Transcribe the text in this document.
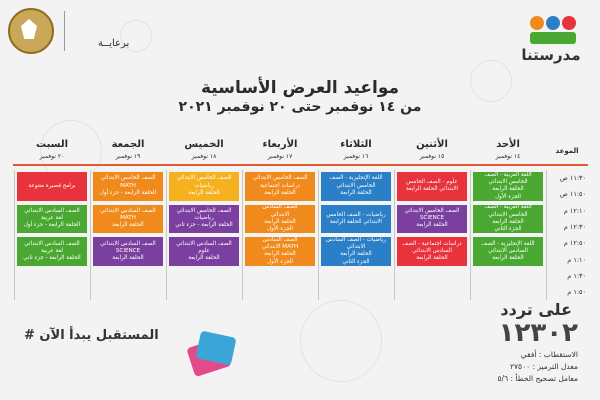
برعايــة
مدرستنا
مواعيد العرض الأساسية
من ١٤ نوفمبر حتى ٢٠ نوفمبر ٢٠٢١
الموعد
الأحد
١٤ نوفمبر
الأثنين
١٥ نوفمبر
الثلاثاء
١٦ نوفمبر
الأربعاء
١٧ نوفمبر
الخميس
١٨ نوفمبر
الجمعة
١٩ نوفمبر
السبت
٢٠ نوفمبر
١١:٣٠ ص
١١:٥٠ ص
١٢:١٠ م
١٢:٣٠ م
١٢:٥٠ م
١:١٠ م
١:٣٠ م
١:٥٠ م
اللغة العربية - الصف
الخامس الابتدائي
الحلقة الرابعة
الجزء الأول
اللغة العربية - الصف
الخامس الابتدائي
الحلقة الرابعة
الجزء الثاني
اللغة الإنجليزية - الصف
السادس الابتدائي
الحلقة الرابعة
علوم - الصف الخامس
الابتدائي الحلقة الرابعة
الصف الخامس الابتدائي
SCIENCE
الحلقة الرابعة
دراسات اجتماعية - الصف
السادس الابتدائي
الحلقة الرابعة
اللغة الإنجليزية - الصف
الخامس الابتدائي
الحلقة الرابعة
رياضيات - الصف الخامس
الابتدائي الحلقة الرابعة
رياضيات - الصف السادس
الابتدائي
الحلقة الرابعة
الجزء الثاني
الصف الخامس الابتدائي
دراسات اجتماعية
الحلقة الرابعة
الصف السادس
الابتدائي
الحلقة الرابعة
الجزء الأول
الصف السادس
الابتدائي MATH
الحلقة الرابعة
الجزء الأول
الصف الخامس الابتدائي
رياضيات
الحلقة الرابعة
الصف الخامس الابتدائي
رياضيات
الحلقة الرابعة - جزء ثاني
الصف السادس الابتدائي
علوم
الحلقة الرابعة
الصف الخامس الابتدائي
MATH
الحلقة الرابعة - جزء أول
الصف السادس الابتدائي
MATH
الحلقة الرابعة
الصف السادس الابتدائي
SCIENCE
الحلقة الرابعة
برامج قصيرة متنوعة
الصف السادس الابتدائي
لغة عربية
الحلقة الرابعة - جزء أول
الصف السادس الابتدائي
لغة عربية
الحلقة الرابعة - جزء ثاني
# المستقبل يبدأ الآن
على تردد
١٢٣٠٢
الاستقطاب : أفقي
معدل الترميز : ٢٧٥٠٠
معامل تصحيح الخطأ : ٥/٦
